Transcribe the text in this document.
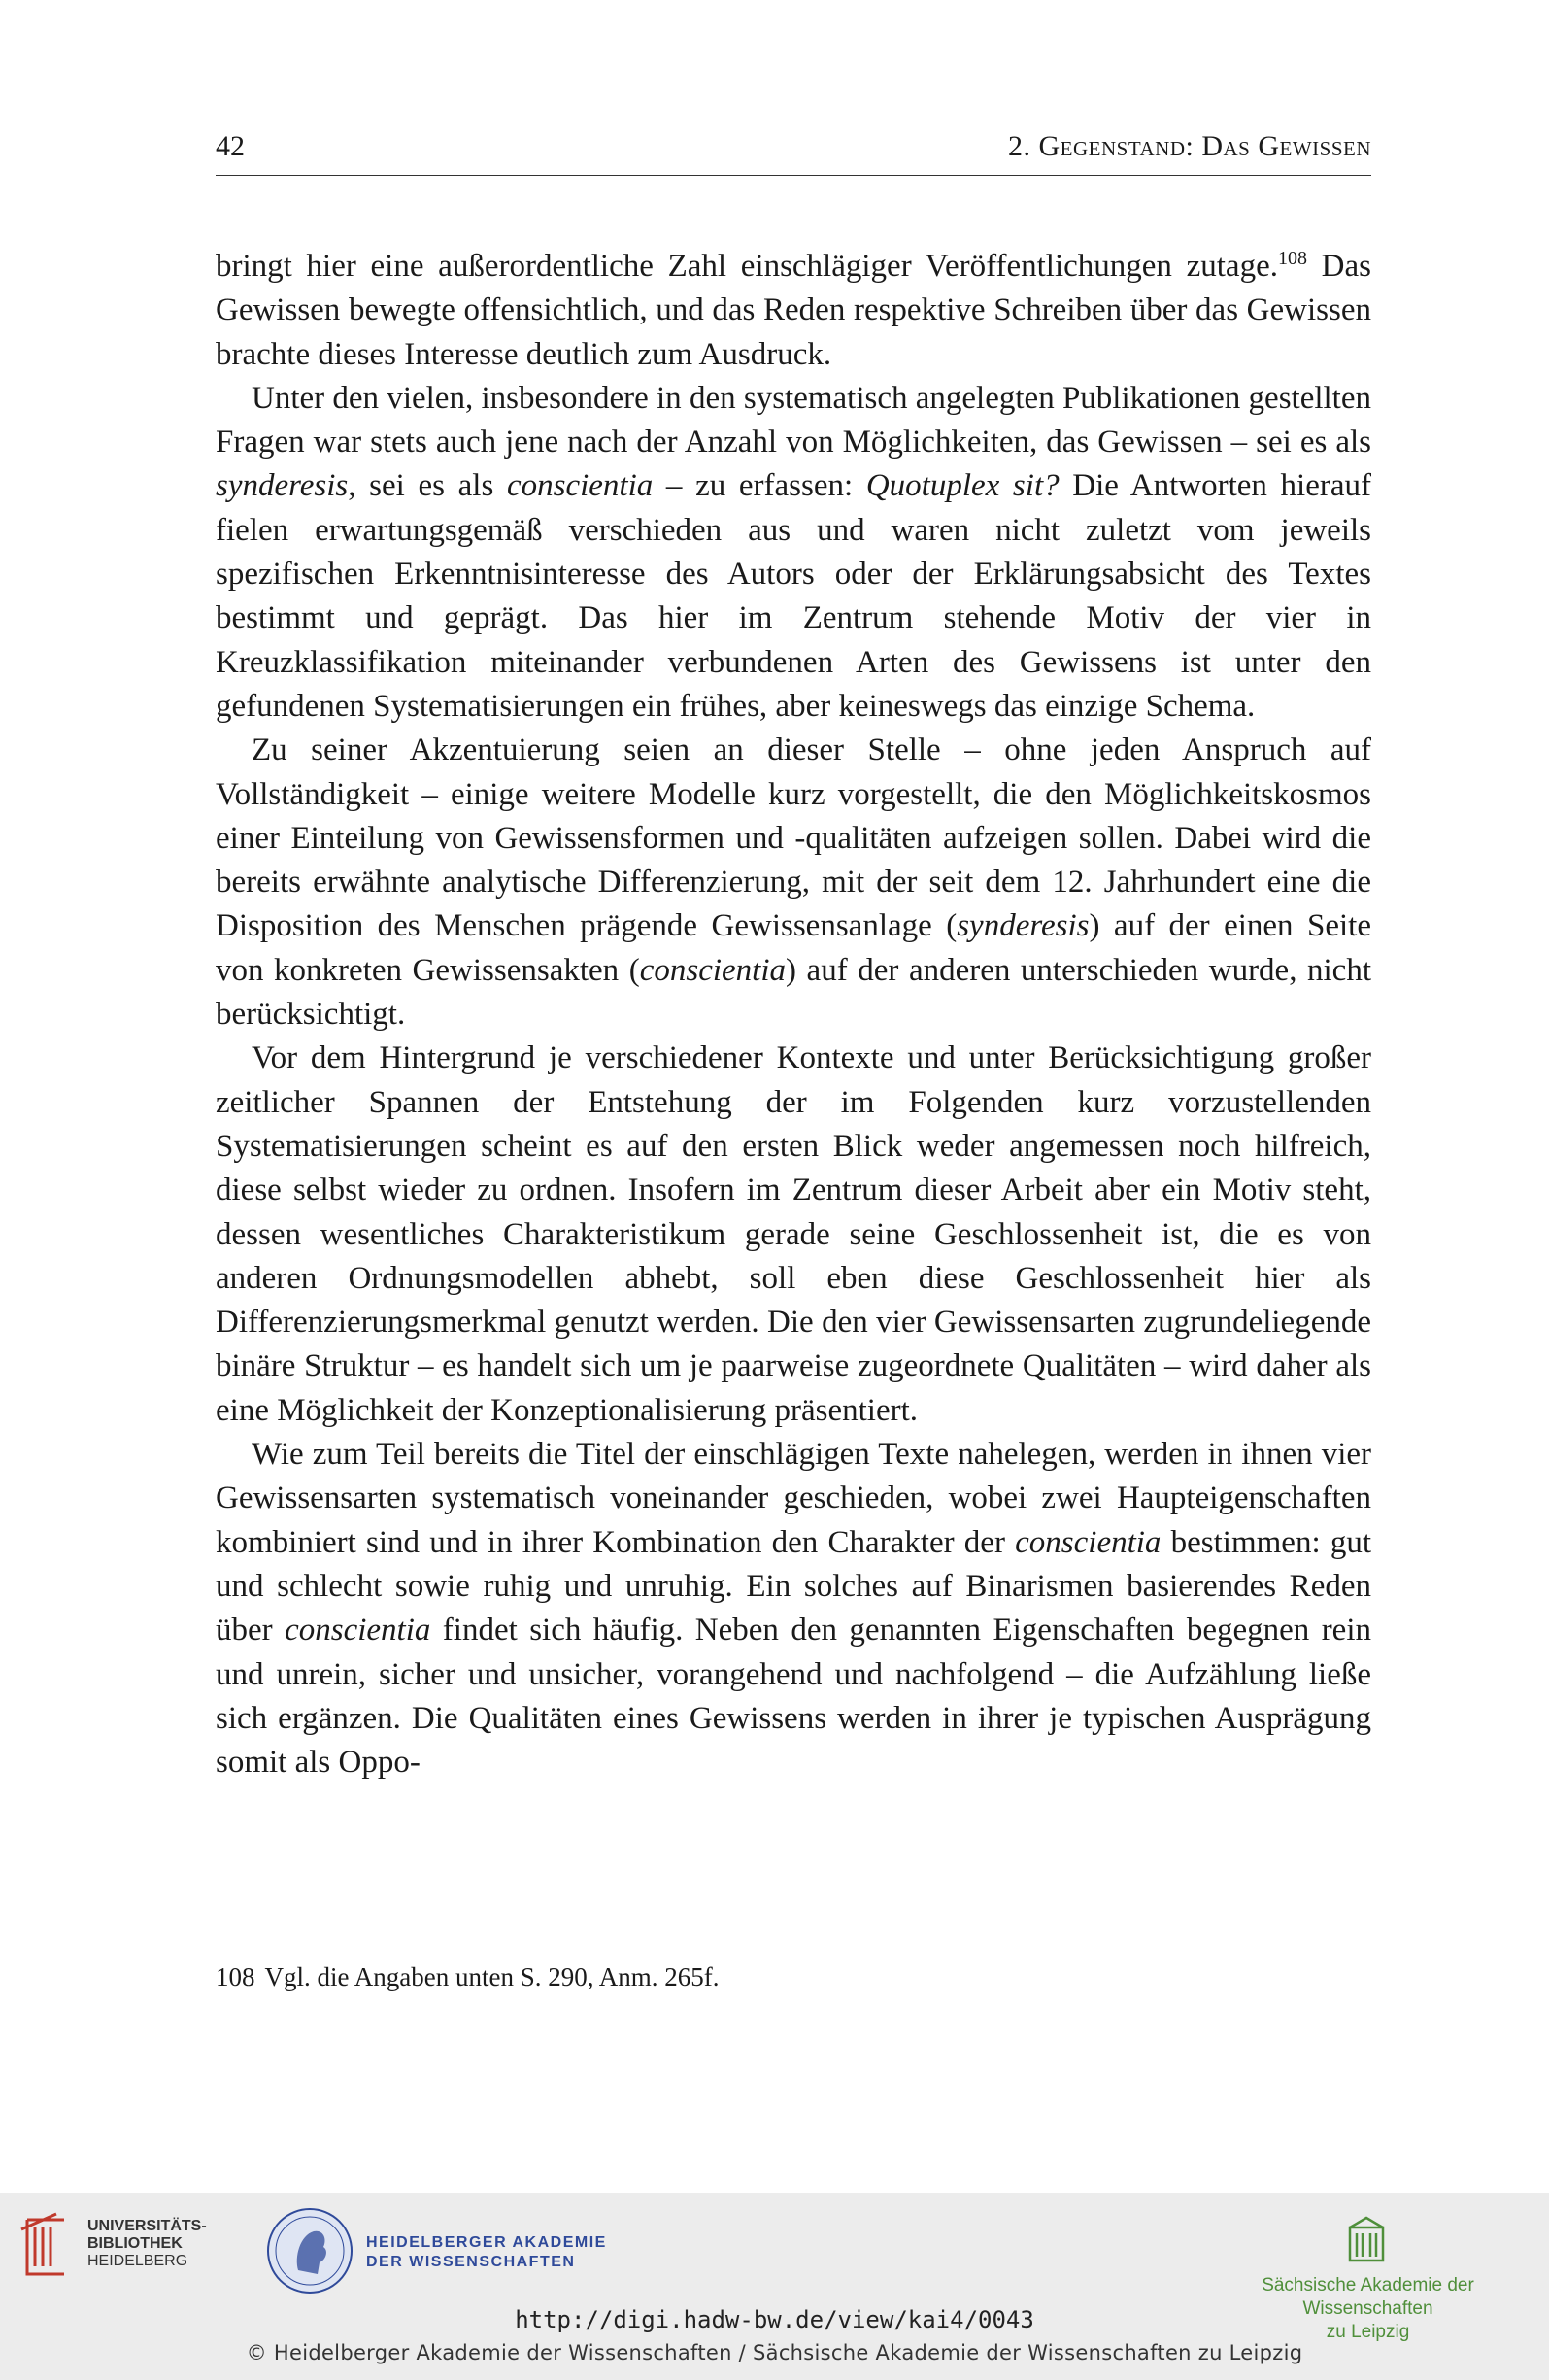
42	2. Gegenstand: Das Gewissen

bringt hier eine außerordentliche Zahl einschlägiger Veröffentlichungen zutage.$^{108}$ Das Gewissen bewegte offensichtlich, und das Reden respektive Schreiben über das Gewissen brachte dieses Interesse deutlich zum Ausdruck.

Unter den vielen, insbesondere in den systematisch angelegten Publikationen gestellten Fragen war stets auch jene nach der Anzahl von Möglichkeiten, das Gewissen – sei es als synderesis, sei es als conscientia – zu erfassen: Quotuplex sit? Die Antworten hierauf fielen erwartungsgemäß verschieden aus und waren nicht zuletzt vom jeweils spezifischen Erkenntnisinteresse des Autors oder der Erklärungsabsicht des Textes bestimmt und geprägt. Das hier im Zentrum stehende Motiv der vier in Kreuzklassifikation miteinander verbundenen Arten des Gewissens ist unter den gefundenen Systematisierungen ein frühes, aber keineswegs das einzige Schema.

Zu seiner Akzentuierung seien an dieser Stelle – ohne jeden Anspruch auf Vollständigkeit – einige weitere Modelle kurz vorgestellt, die den Möglichkeitskosmos einer Einteilung von Gewissensformen und -qualitäten aufzeigen sollen. Dabei wird die bereits erwähnte analytische Differenzierung, mit der seit dem 12. Jahrhundert eine die Disposition des Menschen prägende Gewissensanlage (synderesis) auf der einen Seite von konkreten Gewissensakten (conscientia) auf der anderen unterschieden wurde, nicht berücksichtigt.

Vor dem Hintergrund je verschiedener Kontexte und unter Berücksichtigung großer zeitlicher Spannen der Entstehung der im Folgenden kurz vorzustellenden Systematisierungen scheint es auf den ersten Blick weder angemessen noch hilfreich, diese selbst wieder zu ordnen. Insofern im Zentrum dieser Arbeit aber ein Motiv steht, dessen wesentliches Charakteristikum gerade seine Geschlossenheit ist, die es von anderen Ordnungsmodellen abhebt, soll eben diese Geschlossenheit hier als Differenzierungsmerkmal genutzt werden. Die den vier Gewissensarten zugrundeliegende binäre Struktur – es handelt sich um je paarweise zugeordnete Qualitäten – wird daher als eine Möglichkeit der Konzeptionalisierung präsentiert.

Wie zum Teil bereits die Titel der einschlägigen Texte nahelegen, werden in ihnen vier Gewissensarten systematisch voneinander geschieden, wobei zwei Haupteigenschaften kombiniert sind und in ihrer Kombination den Charakter der conscientia bestimmen: gut und schlecht sowie ruhig und unruhig. Ein solches auf Binarismen basierendes Reden über conscientia findet sich häufig. Neben den genannten Eigenschaften begegnen rein und unrein, sicher und unsicher, vorangehend und nachfolgend – die Aufzählung ließe sich ergänzen. Die Qualitäten eines Gewissens werden in ihrer je typischen Ausprägung somit als Oppo-

108 Vgl. die Angaben unten S. 290, Anm. 265f.
UNIVERSITÄTS-
BIBLIOTHEK
HEIDELBERG
HEIDELBERGER AKADEMIE
DER WISSENSCHAFTEN
Sächsische Akademie der Wissenschaften
zu Leipzig
http://digi.hadw-bw.de/view/kai4/0043
© Heidelberger Akademie der Wissenschaften / Sächsische Akademie der Wissenschaften zu Leipzig
